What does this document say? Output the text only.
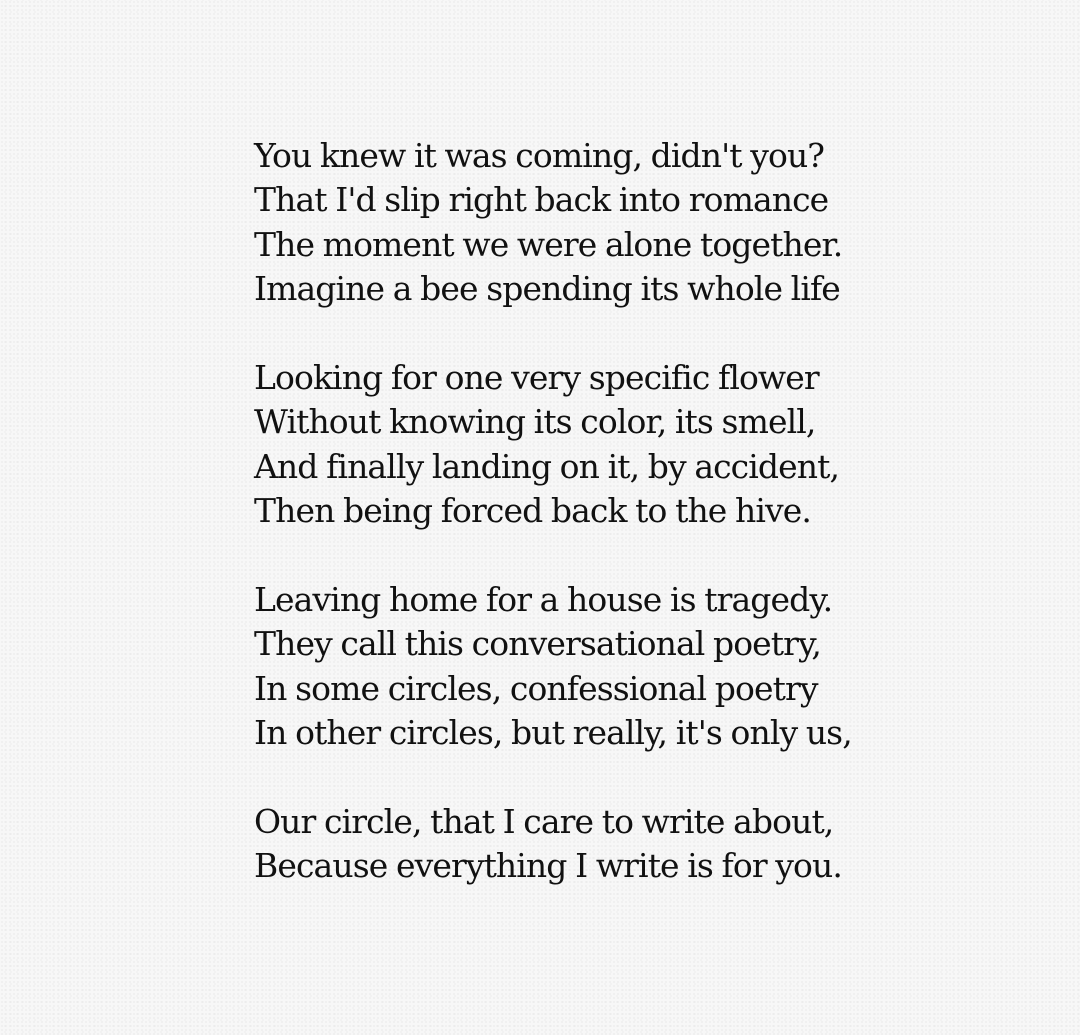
You knew it was coming, didn't you?
That I'd slip right back into romance
The moment we were alone together.
Imagine a bee spending its whole life
Looking for one very specific flower
Without knowing its color, its smell,
And finally landing on it, by accident,
Then being forced back to the hive.
Leaving home for a house is tragedy.
They call this conversational poetry,
In some circles, confessional poetry
In other circles, but really, it's only us,
Our circle, that I care to write about,
Because everything I write is for you.
